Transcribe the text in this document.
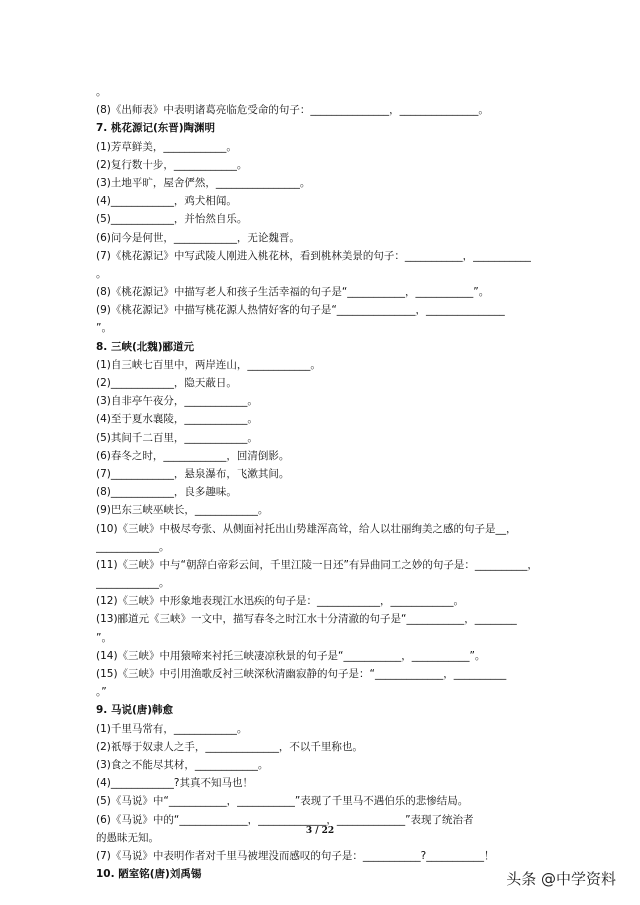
。
(8)《出师表》中表明诸葛亮临危受命的句子：_______________，_______________。
7. 桃花源记(东晋)陶渊明
(1)芳草鲜美，____________。
(2)复行数十步，____________。
(3)土地平旷，屋舍俨然，________________。
(4)____________，鸡犬相闻。
(5)____________，并怡然自乐。
(6)问今是何世，____________，无论魏晋。
(7)《桃花源记》中写武陵人刚进入桃花林，看到桃林美景的句子：___________，___________
。
(8)《桃花源记》中描写老人和孩子生活幸福的句子是“___________，___________”。
(9)《桃花源记》中描写桃花源人热情好客的句子是“_______________，_______________
”。
8. 三峡(北魏)郦道元
(1)自三峡七百里中，两岸连山，____________。
(2)____________，隐天蔽日。
(3)自非亭午夜分，____________。
(4)至于夏水襄陵，____________。
(5)其间千二百里，____________。
(6)春冬之时，____________，回清倒影。
(7)____________，悬泉瀑布，飞漱其间。
(8)____________，良多趣味。
(9)巴东三峡巫峡长，____________。
(10)《三峡》中极尽夸张、从侧面衬托出山势雄浑高耸，给人以壮丽绚美之感的句子是__，
____________。
(11)《三峡》中与“朝辞白帝彩云间，千里江陵一日还”有异曲同工之妙的句子是：__________，
____________。
(12)《三峡》中形象地表现江水迅疾的句子是：____________，____________。
(13)郦道元《三峡》一文中，描写春冬之时江水十分清澈的句子是“___________，________
”。
(14)《三峡》中用猿啼来衬托三峡凄凉秋景的句子是“___________，___________”。
(15)《三峡》中引用渔歌反衬三峡深秋清幽寂静的句子是：“_____________，__________
。”
9. 马说(唐)韩愈
(1)千里马常有，____________。
(2)祇辱于奴隶人之手，______________，不以千里称也。
(3)食之不能尽其材，____________。
(4)____________?其真不知马也！
(5)《马说》中“___________，___________”表现了千里马不遇伯乐的悲惨结局。
(6)《马说》中的“_____________，_____________，_____________”表现了统治者
的愚昧无知。
(7)《马说》中表明作者对千里马被埋没而感叹的句子是：___________?___________！
10. 陋室铭(唐)刘禹锡
3 / 22
头条 @中学资料
